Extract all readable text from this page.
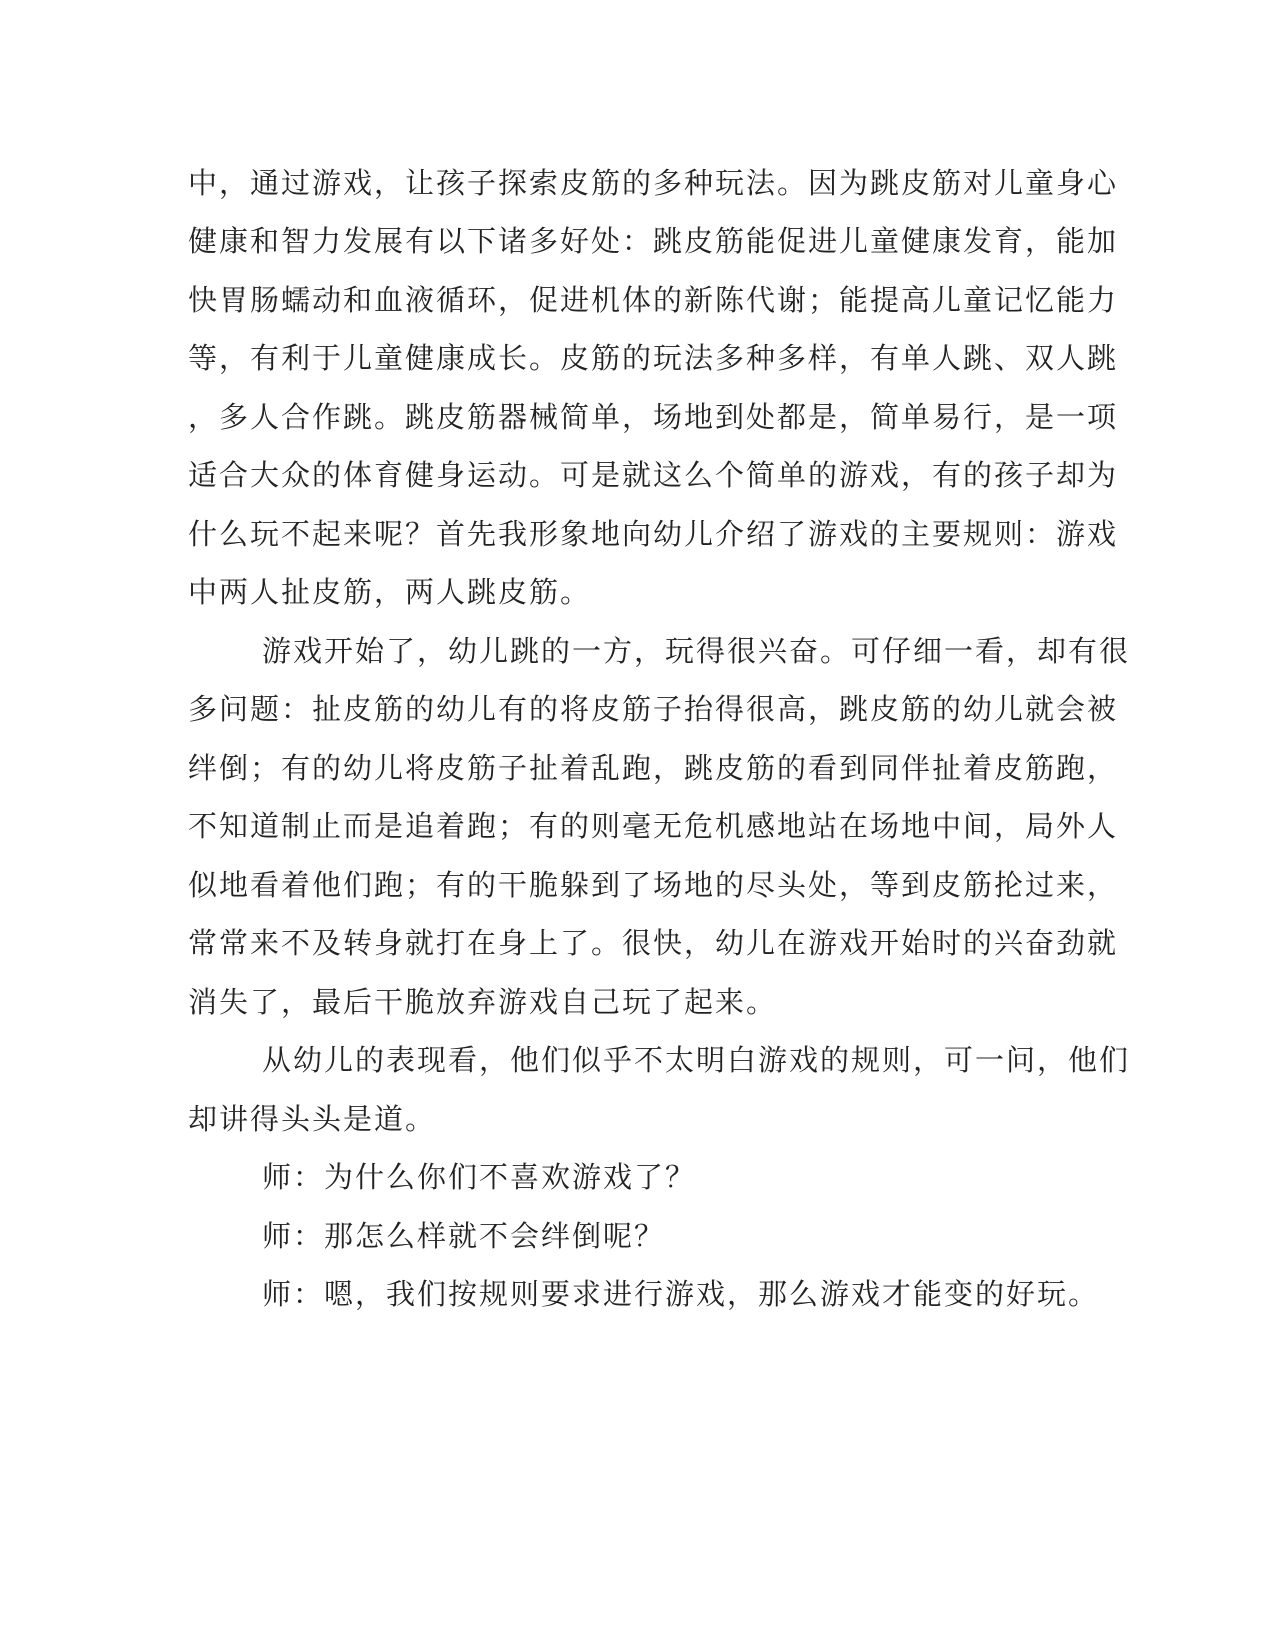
中，通过游戏，让孩子探索皮筋的多种玩法。因为跳皮筋对儿童身心
健康和智力发展有以下诸多好处：跳皮筋能促进儿童健康发育，能加
快胃肠蠕动和血液循环，促进机体的新陈代谢；能提高儿童记忆能力
等，有利于儿童健康成长。皮筋的玩法多种多样，有单人跳、双人跳
，多人合作跳。跳皮筋器械简单，场地到处都是，简单易行，是一项
适合大众的体育健身运动。可是就这么个简单的游戏，有的孩子却为
什么玩不起来呢？首先我形象地向幼儿介绍了游戏的主要规则：游戏
中两人扯皮筋，两人跳皮筋。
游戏开始了，幼儿跳的一方，玩得很兴奋。可仔细一看，却有很
多问题：扯皮筋的幼儿有的将皮筋子抬得很高，跳皮筋的幼儿就会被
绊倒；有的幼儿将皮筋子扯着乱跑，跳皮筋的看到同伴扯着皮筋跑，
不知道制止而是追着跑；有的则毫无危机感地站在场地中间，局外人
似地看着他们跑；有的干脆躲到了场地的尽头处，等到皮筋抡过来，
常常来不及转身就打在身上了。很快，幼儿在游戏开始时的兴奋劲就
消失了，最后干脆放弃游戏自己玩了起来。
从幼儿的表现看，他们似乎不太明白游戏的规则，可一问，他们
却讲得头头是道。
师：为什么你们不喜欢游戏了？
师：那怎么样就不会绊倒呢？
师：嗯，我们按规则要求进行游戏，那么游戏才能变的好玩。
